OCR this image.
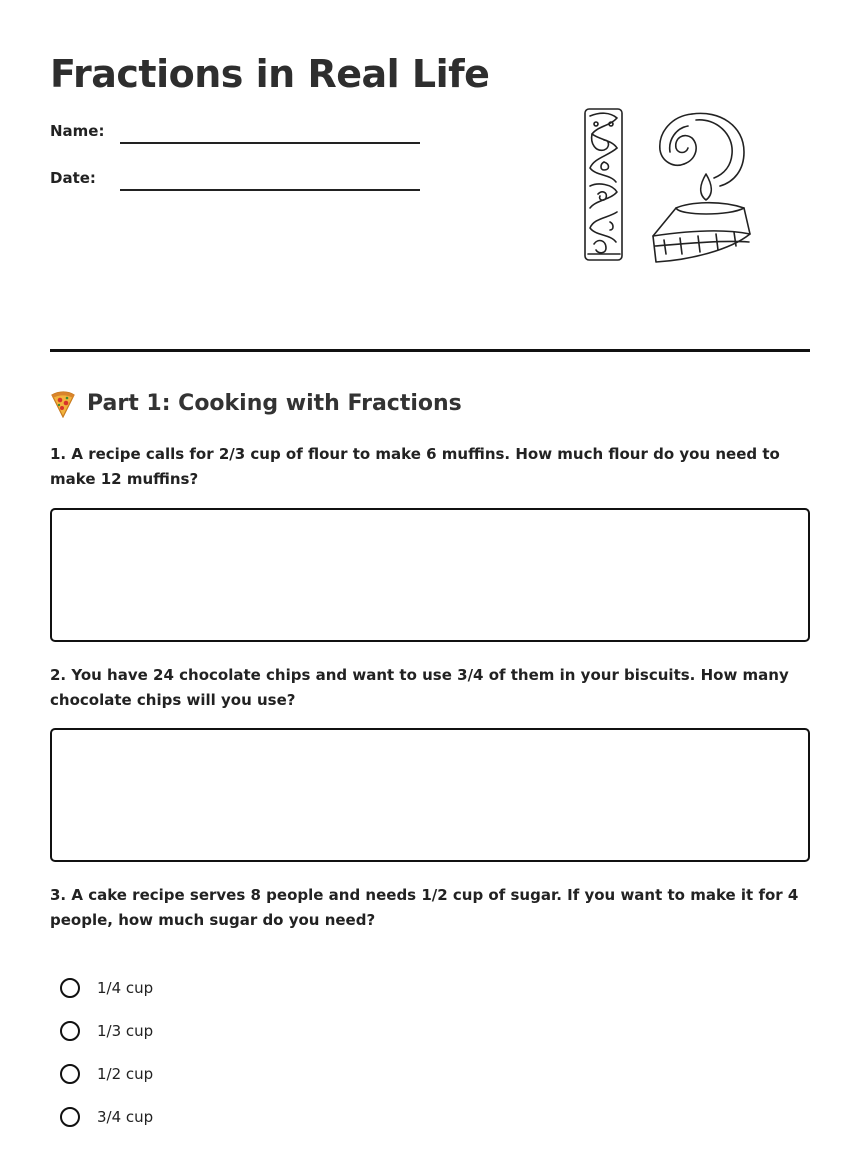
Fractions in Real Life
Name:
Date:
Part 1: Cooking with Fractions

1. A recipe calls for 2/3 cup of flour to make 6 muffins. How much flour do you need to make 12 muffins?

2. You have 24 chocolate chips and want to use 3/4 of them in your biscuits. How many chocolate chips will you use?

3. A cake recipe serves 8 people and needs 1/2 cup of sugar. If you want to make it for 4 people, how much sugar do you need?

1/4 cup
1/3 cup
1/2 cup
3/4 cup
